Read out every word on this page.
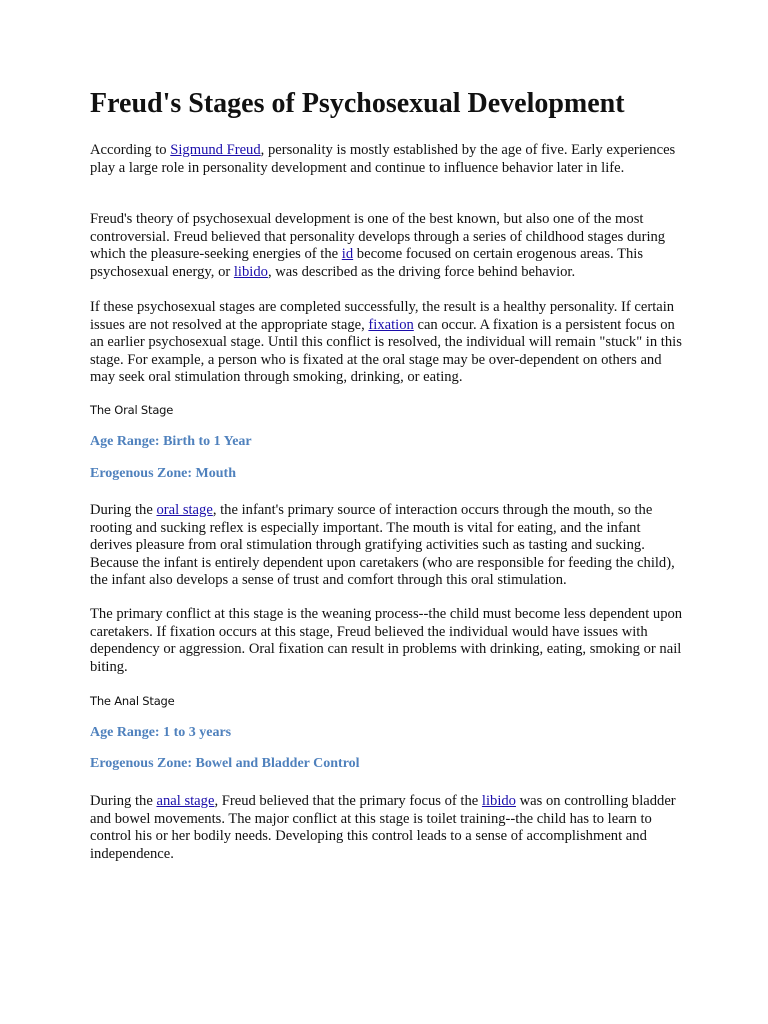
Freud's Stages of Psychosexual Development

According to Sigmund Freud, personality is mostly established by the age of five. Early experiences play a large role in personality development and continue to influence behavior later in life.

Freud's theory of psychosexual development is one of the best known, but also one of the most controversial. Freud believed that personality develops through a series of childhood stages during which the pleasure-seeking energies of the id become focused on certain erogenous areas. This psychosexual energy, or libido, was described as the driving force behind behavior.

If these psychosexual stages are completed successfully, the result is a healthy personality. If certain issues are not resolved at the appropriate stage, fixation can occur. A fixation is a persistent focus on an earlier psychosexual stage. Until this conflict is resolved, the individual will remain "stuck" in this stage. For example, a person who is fixated at the oral stage may be over-dependent on others and may seek oral stimulation through smoking, drinking, or eating.

The Oral Stage

Age Range: Birth to 1 Year

Erogenous Zone: Mouth

During the oral stage, the infant's primary source of interaction occurs through the mouth, so the rooting and sucking reflex is especially important. The mouth is vital for eating, and the infant derives pleasure from oral stimulation through gratifying activities such as tasting and sucking. Because the infant is entirely dependent upon caretakers (who are responsible for feeding the child), the infant also develops a sense of trust and comfort through this oral stimulation.

The primary conflict at this stage is the weaning process--the child must become less dependent upon caretakers. If fixation occurs at this stage, Freud believed the individual would have issues with dependency or aggression. Oral fixation can result in problems with drinking, eating, smoking or nail biting.

The Anal Stage

Age Range: 1 to 3 years

Erogenous Zone: Bowel and Bladder Control

During the anal stage, Freud believed that the primary focus of the libido was on controlling bladder and bowel movements. The major conflict at this stage is toilet training--the child has to learn to control his or her bodily needs. Developing this control leads to a sense of accomplishment and independence.
